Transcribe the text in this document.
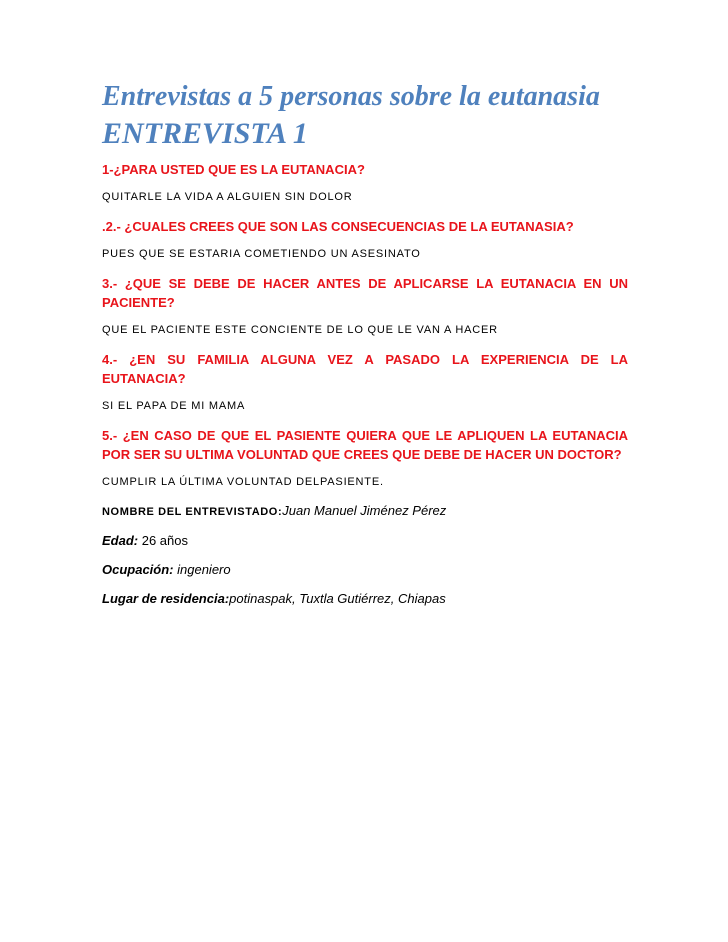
Entrevistas a 5 personas sobre la eutanasia
ENTREVISTA 1

1-¿PARA USTED QUE ES LA EUTANACIA?

QUITARLE LA VIDA A ALGUIEN SIN DOLOR

.2.- ¿CUALES CREES QUE SON LAS CONSECUENCIAS DE LA EUTANASIA?

PUES QUE SE ESTARIA COMETIENDO UN ASESINATO

3.- ¿QUE SE DEBE DE HACER ANTES DE APLICARSE LA EUTANACIA EN UN PACIENTE?

QUE EL PACIENTE ESTE CONCIENTE DE LO QUE LE VAN A HACER

4.- ¿EN SU FAMILIA ALGUNA VEZ A PASADO LA EXPERIENCIA DE LA EUTANACIA?

SI EL PAPA DE MI MAMA

5.- ¿EN CASO DE QUE EL PASIENTE QUIERA QUE LE APLIQUEN LA EUTANACIA POR SER SU ULTIMA VOLUNTAD QUE CREES QUE DEBE DE HACER UN DOCTOR?

CUMPLIR LA ÚLTIMA VOLUNTAD DELPASIENTE.

NOMBRE DEL ENTREVISTADO:Juan Manuel Jiménez Pérez

Edad: 26 años

Ocupación: ingeniero

Lugar de residencia:potinaspak, Tuxtla Gutiérrez, Chiapas
